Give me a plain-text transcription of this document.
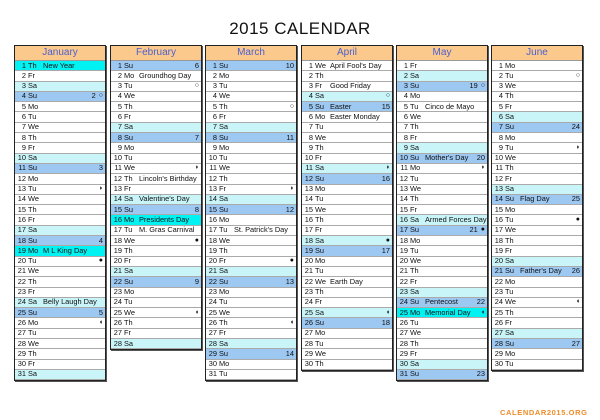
2015 CALENDAR
January
1 Th New Year
2 Fr
3 Sa
4 Su	2 ○
5 Mo
6 Tu
7 We
8 Th
9 Fr
10 Sa
11 Su	3
12 Mo
13 Tu	◗
14 We
15 Th
16 Fr
17 Sa
18 Su	4
19 Mo M L King Day
20 Tu	●
21 We
22 Th
23 Fr
24 Sa Belly Laugh Day
25 Su	5
26 Mo	◖
27 Tu
28 We
29 Th
30 Fr
31 Sa
February
1 Su	6
2 Mo Groundhog Day
3 Tu	○
4 We
5 Th
6 Fr
7 Sa
8 Su	7
9 Mo
10 Tu
11 We	◗
12 Th Lincoln's Birthday
13 Fr
14 Sa Valentine's Day
15 Su	8
16 Mo Presidents Day
17 Tu M. Gras Carnival
18 We	●
19 Th
20 Fr
21 Sa
22 Su	9
23 Mo
24 Tu
25 We	◖
26 Th
27 Fr
28 Sa
March
1 Su	10
2 Mo
3 Tu
4 We
5 Th	○
6 Fr
7 Sa
8 Su	11
9 Mo
10 Tu
11 We
12 Th
13 Fr	◗
14 Sa
15 Su	12
16 Mo
17 Tu St. Patrick's Day
18 We
19 Th
20 Fr	●
21 Sa
22 Su	13
23 Mo
24 Tu
25 We
26 Th	◖
27 Fr
28 Sa
29 Su	14
30 Mo
31 Tu
April
1 We April Fool's Day
2 Th
3 Fr	Good Friday
4 Sa	○
5 Su Easter	15
6 Mo Easter Monday
7 Tu
8 We
9 Th
10 Fr
11 Sa	◗
12 Su	16
13 Mo
14 Tu
15 We
16 Th
17 Fr
18 Sa	●
19 Su	17
20 Mo
21 Tu
22 We Earth Day
23 Th
24 Fr
25 Sa	◖
26 Su	18
27 Mo
28 Tu
29 We
30 Th
May
1 Fr
2 Sa
3 Su	19 ○
4 Mo
5 Tu Cinco de Mayo
6 We
7 Th
8 Fr
9 Sa
10 Su Mother's Day	20
11 Mo	◗
12 Tu
13 We
14 Th
15 Fr
16 Sa Armed Forces Day
17 Su	21 ●
18 Mo
19 Tu
20 We
21 Th
22 Fr
23 Sa
24 Su Pentecost	22
25 Mo Memorial Day	◖
26 Tu
27 We
28 Th
29 Fr
30 Sa
31 Su	23
June
1 Mo
2 Tu	○
3 We
4 Th
5 Fr
6 Sa
7 Su	24
8 Mo
9 Tu	◗
10 We
11 Th
12 Fr
13 Sa
14 Su Flag Day	25
15 Mo
16 Tu	●
17 We
18 Th
19 Fr
20 Sa
21 Su Father's Day	26
22 Mo
23 Tu
24 We	◖
25 Th
26 Fr
27 Sa
28 Su	27
29 Mo
30 Tu
CALENDAR2015.ORG
